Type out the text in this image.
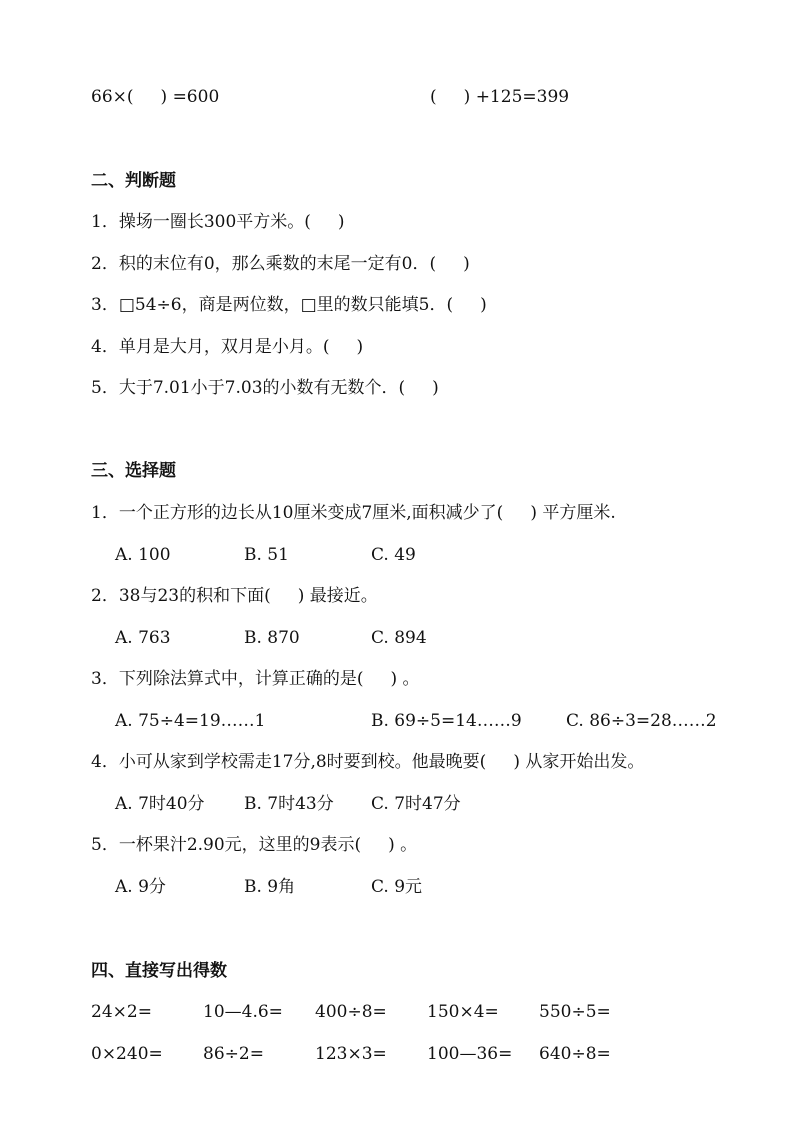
66×(     ) =600	(     ) +125=399
二、判断题
1．操场一圈长300平方米。(     )
2．积的末位有0，那么乘数的末尾一定有0．(     )
3．□54÷6，商是两位数，□里的数只能填5．(     )
4．单月是大月，双月是小月。(     )
5．大于7.01小于7.03的小数有无数个．(     )
三、选择题
1．一个正方形的边长从10厘米变成7厘米,面积减少了(     ) 平方厘米.
A. 100	B. 51	C. 49
2．38与23的积和下面(     ) 最接近。
A. 763	B. 870	C. 894
3．下列除法算式中，计算正确的是(     ) 。
A. 75÷4=19……1	B. 69÷5=14……9	C. 86÷3=28……2
4．小可从家到学校需走17分,8时要到校。他最晚要(     ) 从家开始出发。
A. 7时40分 B. 7时43分 C. 7时47分
5．一杯果汁2.90元，这里的9表示(     ) 。
A. 9分	B. 9角	C. 9元
四、直接写出得数
24×2=	10—4.6= 400÷8= 150×4= 550÷5=
0×240= 86÷2=	123×3= 100—36= 640÷8=
